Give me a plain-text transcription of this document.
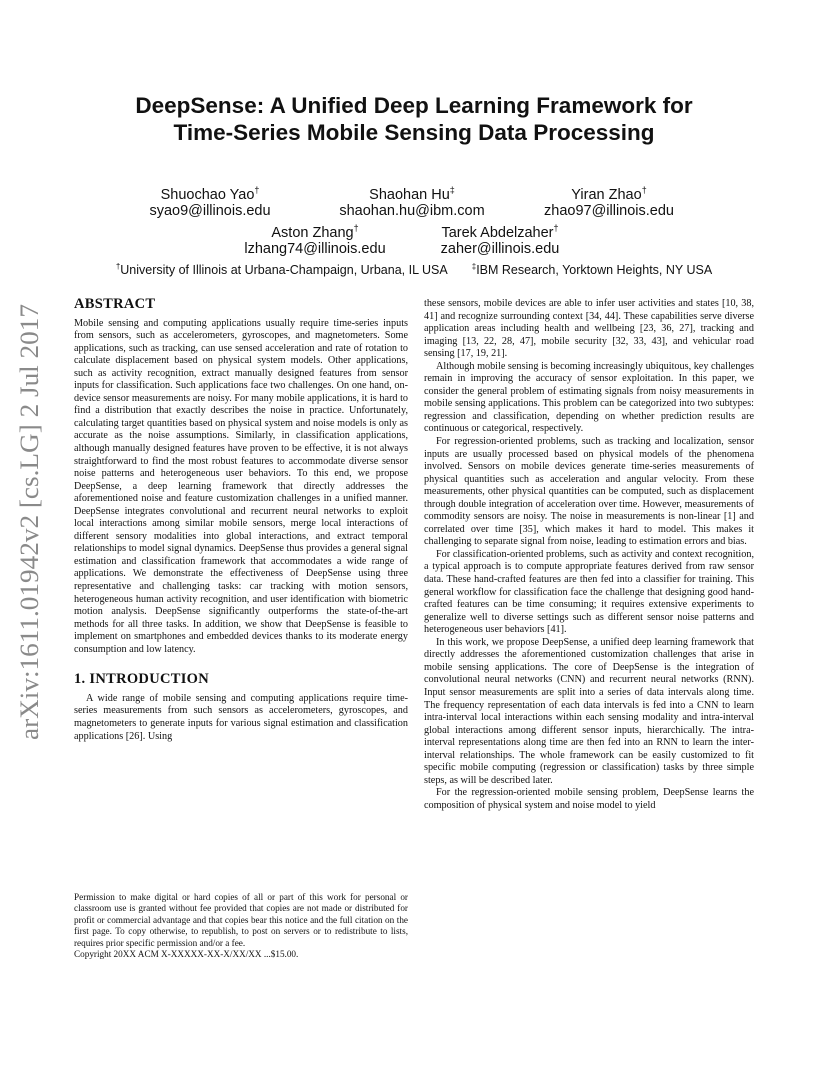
arXiv:1611.01942v2 [cs.LG] 2 Jul 2017
DeepSense: A Unified Deep Learning Framework for
Time-Series Mobile Sensing Data Processing
Shuochao Yao†
syao9@illinois.edu
Shaohan Hu‡
shaohan.hu@ibm.com
Yiran Zhao†
zhao97@illinois.edu
Aston Zhang†
lzhang74@illinois.edu
Tarek Abdelzaher†
zaher@illinois.edu
†University of Illinois at Urbana-Champaign, Urbana, IL USA	‡IBM Research, Yorktown Heights, NY USA
ABSTRACT

Mobile sensing and computing applications usually require time-series inputs from sensors, such as accelerometers, gyroscopes, and magnetometers. Some applications, such as tracking, can use sensed acceleration and rate of rotation to calculate displacement based on physical system models. Other applications, such as activity recognition, extract manually designed features from sensor inputs for classification. Such applications face two challenges. On one hand, on-device sensor measurements are noisy. For many mobile applications, it is hard to find a distribution that exactly describes the noise in practice. Unfortunately, calculating target quantities based on physical system and noise models is only as accurate as the noise assumptions. Similarly, in classification applications, although manually designed features have proven to be effective, it is not always straightforward to find the most robust features to accommodate diverse sensor noise patterns and heterogeneous user behaviors. To this end, we propose DeepSense, a deep learning framework that directly addresses the aforementioned noise and feature customization challenges in a unified manner. DeepSense integrates convolutional and recurrent neural networks to exploit local interactions among similar mobile sensors, merge local interactions of different sensory modalities into global interactions, and extract temporal relationships to model signal dynamics. DeepSense thus provides a general signal estimation and classification framework that accommodates a wide range of applications. We demonstrate the effectiveness of DeepSense using three representative and challenging tasks: car tracking with motion sensors, heterogeneous human activity recognition, and user identification with biometric motion analysis. DeepSense significantly outperforms the state-of-the-art methods for all three tasks. In addition, we show that DeepSense is feasible to implement on smartphones and embedded devices thanks to its moderate energy consumption and low latency.

1. INTRODUCTION

A wide range of mobile sensing and computing applications require time-series measurements from such sensors as accelerometers, gyroscopes, and magnetometers to generate inputs for various signal estimation and classification applications [26]. Using

Permission to make digital or hard copies of all or part of this work for personal or classroom use is granted without fee provided that copies are not made or distributed for profit or commercial advantage and that copies bear this notice and the full citation on the first page. To copy otherwise, to republish, to post on servers or to redistribute to lists, requires prior specific permission and/or a fee.

Copyright 20XX ACM X-XXXXX-XX-X/XX/XX ...$15.00.

these sensors, mobile devices are able to infer user activities and states [10, 38, 41] and recognize surrounding context [34, 44]. These capabilities serve diverse application areas including health and wellbeing [23, 36, 27], tracking and imaging [13, 22, 28, 47], mobile security [32, 33, 43], and vehicular road sensing [17, 19, 21].

Although mobile sensing is becoming increasingly ubiquitous, key challenges remain in improving the accuracy of sensor exploitation. In this paper, we consider the general problem of estimating signals from noisy measurements in mobile sensing applications. This problem can be categorized into two subtypes: regression and classification, depending on whether prediction results are continuous or categorical, respectively.

For regression-oriented problems, such as tracking and localization, sensor inputs are usually processed based on physical models of the phenomena involved. Sensors on mobile devices generate time-series measurements of physical quantities such as acceleration and angular velocity. From these measurements, other physical quantities can be computed, such as displacement through double integration of acceleration over time. However, measurements of commodity sensors are noisy. The noise in measurements is non-linear [1] and correlated over time [35], which makes it hard to model. This makes it challenging to separate signal from noise, leading to estimation errors and bias.

For classification-oriented problems, such as activity and context recognition, a typical approach is to compute appropriate features derived from raw sensor data. These hand-crafted features are then fed into a classifier for training. This general workflow for classification face the challenge that designing good hand-crafted features can be time consuming; it requires extensive experiments to generalize well to diverse settings such as different sensor noise patterns and heterogeneous user behaviors [41].

In this work, we propose DeepSense, a unified deep learning framework that directly addresses the aforementioned customization challenges that arise in mobile sensing applications. The core of DeepSense is the integration of convolutional neural networks (CNN) and recurrent neural networks (RNN). Input sensor measurements are split into a series of data intervals along time. The frequency representation of each data intervals is fed into a CNN to learn intra-interval local interactions within each sensing modality and intra-interval global interactions among different sensor inputs, hierarchically. The intra-interval representations along time are then fed into an RNN to learn the inter-interval relationships. The whole framework can be easily customized to fit specific mobile computing (regression or classification) tasks by three simple steps, as will be described later.

For the regression-oriented mobile sensing problem, DeepSense learns the composition of physical system and noise model to yield
